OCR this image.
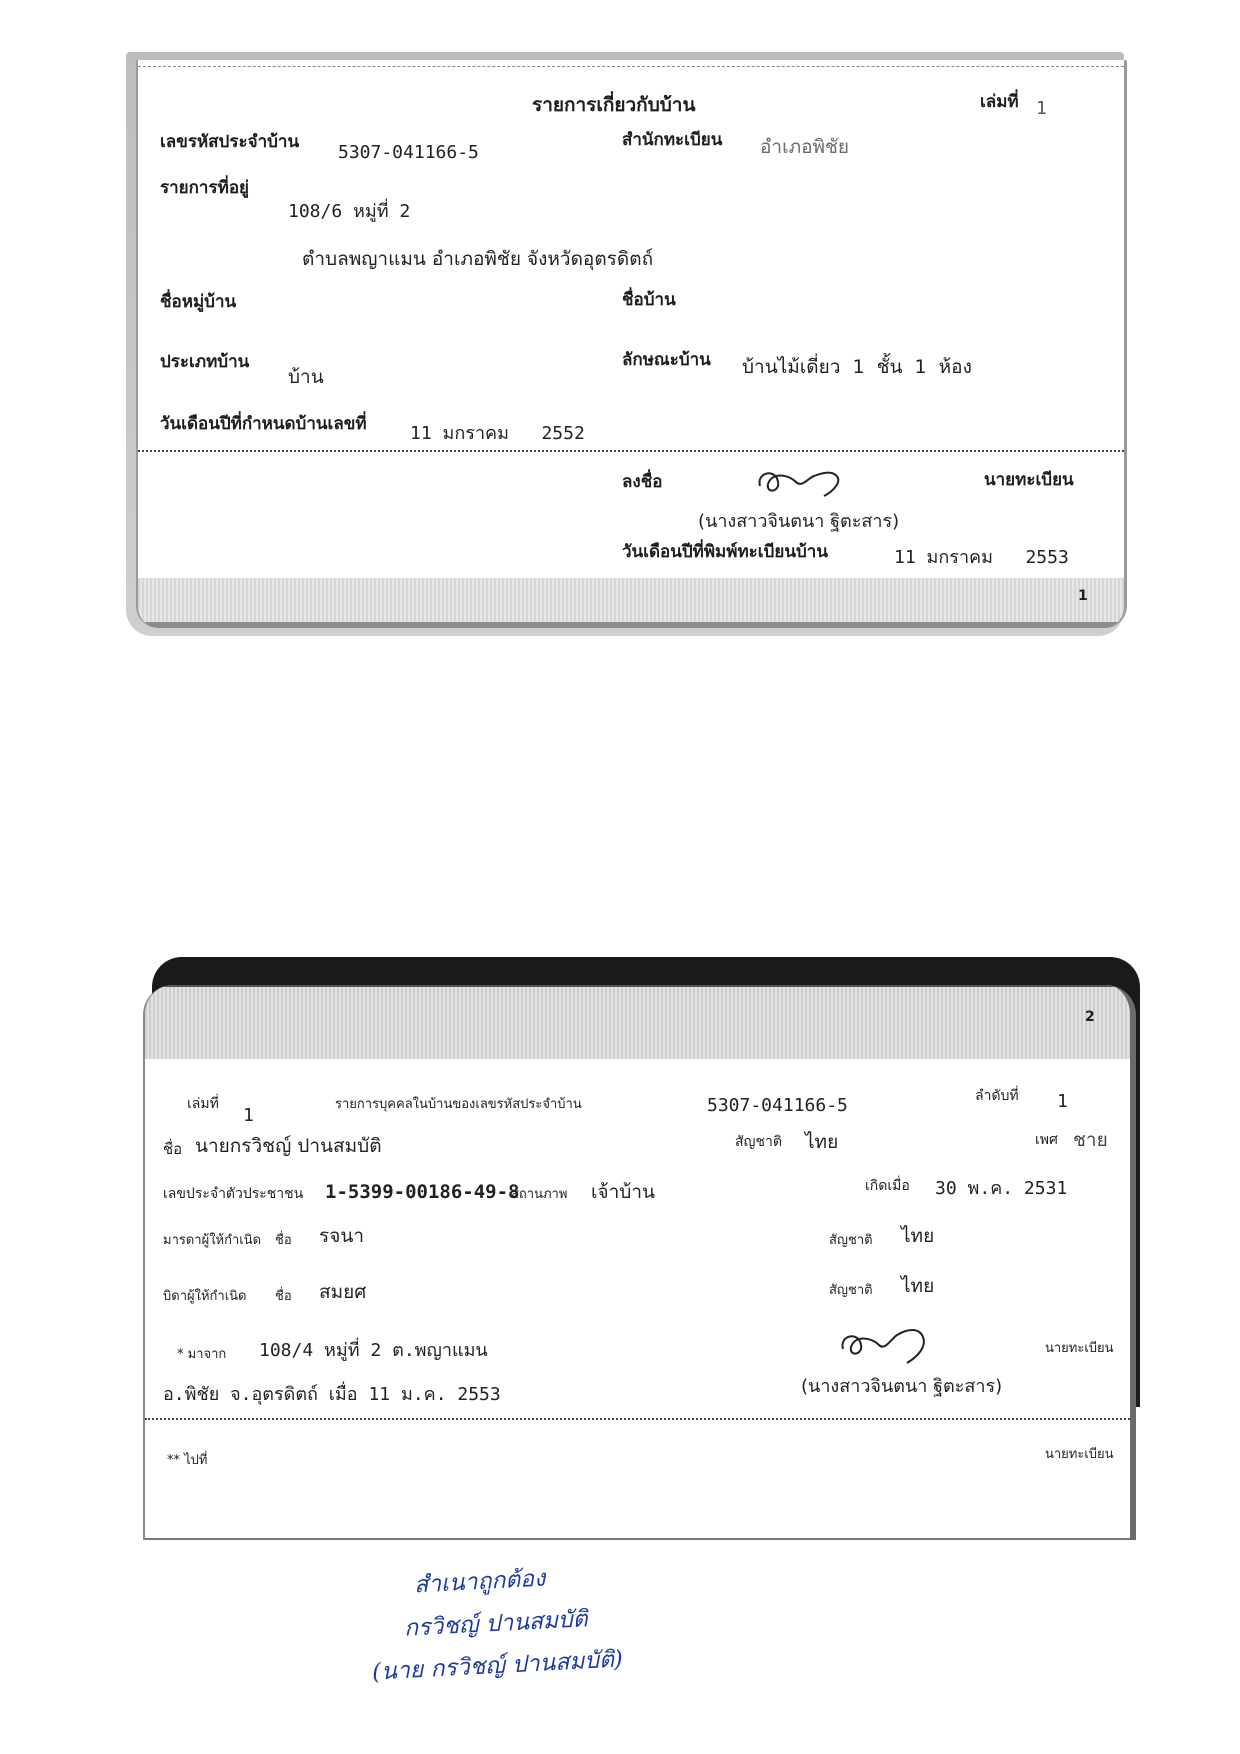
รายการเกี่ยวกับบ้าน	เล่มที่ 1
เลขรหัสประจำบ้าน 5307-041166-5
สำนักทะเบียน อำเภอพิชัย
รายการที่อยู่
108/6 หมู่ที่ 2
ตำบลพญาแมน อำเภอพิชัย จังหวัดอุตรดิตถ์
ชื่อหมู่บ้าน	ชื่อบ้าน
ประเภทบ้าน
บ้าน
ลักษณะบ้าน บ้านไม้เดี่ยว 1 ชั้น 1 ห้อง
วันเดือนปีที่กำหนดบ้านเลขที่ 11 มกราคม   2552
ลงชื่อ	นายทะเบียน
(นางสาวจินตนา ฐิตะสาร)
วันเดือนปีที่พิมพ์ทะเบียนบ้าน	11 มกราคม   2553
1
2
เล่มที่
1
รายการบุคคลในบ้านของเลขรหัสประจำบ้าน	5307-041166-5	ลำดับที่ 1
ชื่อ นายกรวิชญ์ ปานสมบัติ	สัญชาติ ไทย	เพศ ชาย
เลขประจำตัวประชาชน 1-5399-00186-49-8
สถานภาพ เจ้าบ้าน	เกิดเมื่อ 30 พ.ค. 2531
มารดาผู้ให้กำเนิด ชื่อ รจนา	สัญชาติ ไทย
บิดาผู้ให้กำเนิด ชื่อ สมยศ	สัญชาติ ไทย
* มาจาก 108/4 หมู่ที่ 2 ต.พญาแมน	นายทะเบียน
อ.พิชัย จ.อุตรดิตถ์ เมื่อ 11 ม.ค. 2553	(นางสาวจินตนา ฐิตะสาร)
** ไปที่	นายทะเบียน
สำเนาถูกต้อง
กรวิชญ์ ปานสมบัติ
(นาย กรวิชญ์ ปานสมบัติ)
